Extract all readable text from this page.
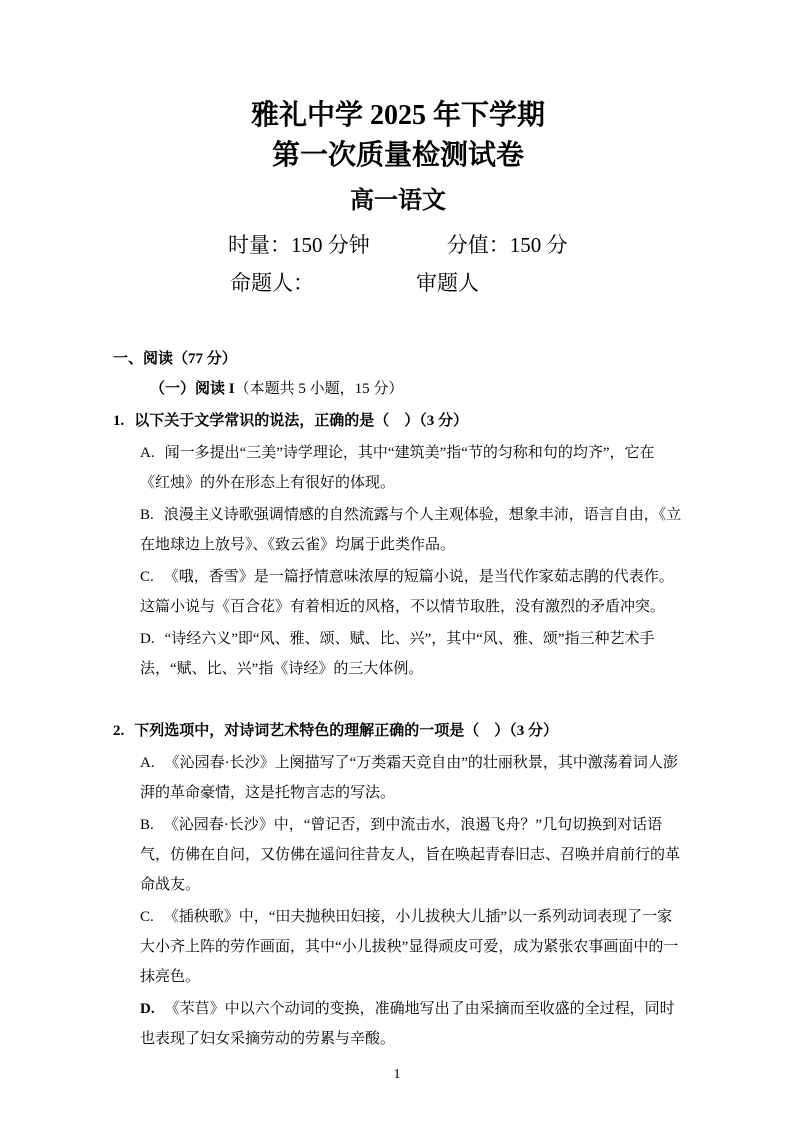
雅礼中学 2025 年下学期
第一次质量检测试卷
高一语文
时量：150 分钟	分值：150 分
命题人：	审题人
一、阅读（77 分）
（一）阅读 I（本题共 5 小题，15 分）

1. 以下关于文学常识的说法，正确的是（　）（3 分）

A. 闻一多提出“三美”诗学理论，其中“建筑美”指“节的匀称和句的均齐”，它在《红烛》的外在形态上有很好的体现。

B. 浪漫主义诗歌强调情感的自然流露与个人主观体验，想象丰沛，语言自由，《立在地球边上放号》、《致云雀》均属于此类作品。

C. 《哦，香雪》是一篇抒情意味浓厚的短篇小说，是当代作家茹志鹃的代表作。这篇小说与《百合花》有着相近的风格，不以情节取胜，没有激烈的矛盾冲突。

D. “诗经六义”即“风、雅、颂、赋、比、兴”，其中“风、雅、颂”指三种艺术手法，“赋、比、兴”指《诗经》的三大体例。

2. 下列选项中，对诗词艺术特色的理解正确的一项是（　）（3 分）

A. 《沁园春·长沙》上阕描写了“万类霜天竞自由”的壮丽秋景，其中激荡着词人澎湃的革命豪情，这是托物言志的写法。

B. 《沁园春·长沙》中，“曾记否，到中流击水，浪遏飞舟？”几句切换到对话语气，仿佛在自问，又仿佛在遥问往昔友人，旨在唤起青春旧志、召唤并肩前行的革命战友。

C. 《插秧歌》中，“田夫抛秧田妇接，小儿拔秧大儿插”以一系列动词表现了一家大小齐上阵的劳作画面，其中“小儿拔秧”显得顽皮可爱，成为紧张农事画面中的一抹亮色。

D. 《芣苢》中以六个动词的变换，准确地写出了由采摘而至收盛的全过程，同时也表现了妇女采摘劳动的劳累与辛酸。

1
